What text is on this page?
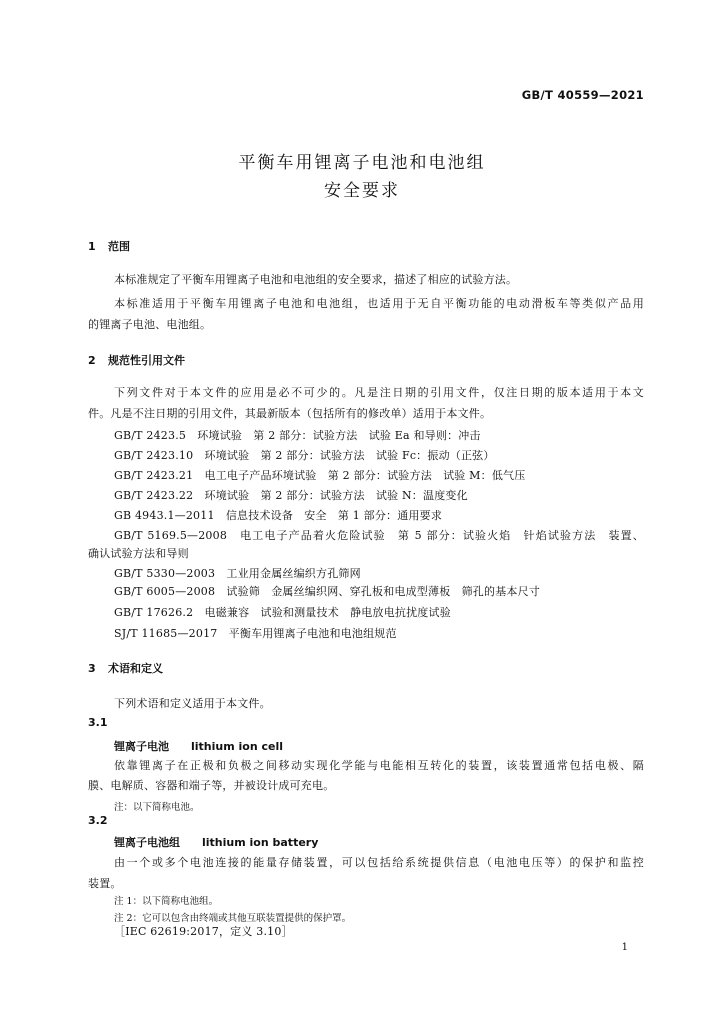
GB/T 40559—2021
平衡车用锂离子电池和电池组
安全要求
1 范围
本标准规定了平衡车用锂离子电池和电池组的安全要求，描述了相应的试验方法。
本标准适用于平衡车用锂离子电池和电池组，也适用于无自平衡功能的电动滑板车等类似产品用
的锂离子电池、电池组。
2 规范性引用文件
下列文件对于本文件的应用是必不可少的。凡是注日期的引用文件，仅注日期的版本适用于本文
件。凡是不注日期的引用文件，其最新版本（包括所有的修改单）适用于本文件。
GB/T 2423.5　环境试验　第 2 部分：试验方法　试验 Ea 和导则：冲击
GB/T 2423.10　环境试验　第 2 部分：试验方法　试验 Fc：振动（正弦）
GB/T 2423.21　电工电子产品环境试验　第 2 部分：试验方法　试验 M：低气压
GB/T 2423.22　环境试验　第 2 部分：试验方法　试验 N：温度变化
GB 4943.1—2011　信息技术设备　安全　第 1 部分：通用要求
GB/T 5169.5—2008　电工电子产品着火危险试验　第 5 部分：试验火焰　针焰试验方法　装置、
确认试验方法和导则
GB/T 5330—2003　工业用金属丝编织方孔筛网
GB/T 6005—2008　试验筛　金属丝编织网、穿孔板和电成型薄板　筛孔的基本尺寸
GB/T 17626.2　电磁兼容　试验和测量技术　静电放电抗扰度试验
SJ/T 11685—2017　平衡车用锂离子电池和电池组规范
3 术语和定义
下列术语和定义适用于本文件。
3.1
锂离子电池 lithium ion cell
依靠锂离子在正极和负极之间移动实现化学能与电能相互转化的装置，该装置通常包括电极、隔
膜、电解质、容器和端子等，并被设计成可充电。
注：以下简称电池。
3.2
锂离子电池组 lithium ion battery
由一个或多个电池连接的能量存储装置，可以包括给系统提供信息（电池电压等）的保护和监控
装置。
注 1：以下简称电池组。
注 2：它可以包含由终端或其他互联装置提供的保护罩。
［IEC 62619:2017，定义 3.10］
1
